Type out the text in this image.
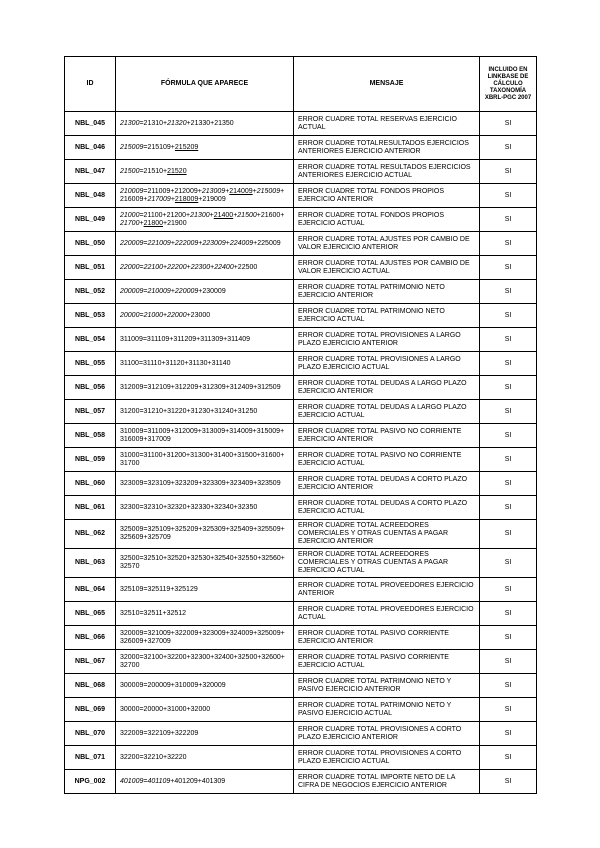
ID	FÓRMULA QUE APARECE	MENSAJE	INCLUIDO EN LINKBASE DE CÁLCULO TAXONOMÍA XBRL-PGC 2007
NBL_045	21300=21310+21320+21330+21350	ERROR CUADRE TOTAL RESERVAS EJERCICIO ACTUAL	SI
NBL_046	215009=215109+215209	ERROR CUADRE TOTALRESULTADOS EJERCICIOS ANTERIORES EJERCICIO ANTERIOR	SI
NBL_047	21500=21510+21520	ERROR CUADRE TOTAL RESULTADOS EJERCICIOS ANTERIORES EJERCICIO ACTUAL	SI
NBL_048	210009=211009+212009+213009+214009+215009+ 216009+217009+218009+219009	ERROR CUADRE TOTAL FONDOS PROPIOS EJERCICIO ANTERIOR	SI
NBL_049	21000=21100+21200+21300+21400+21500+21600+ 21700+21800+21900	ERROR CUADRE TOTAL FONDOS PROPIOS EJERCICIO ACTUAL	SI
NBL_050	220009=221009+222009+223009+224009+225009	ERROR CUADRE TOTAL AJUSTES POR CAMBIO DE VALOR EJERCICIO ANTERIOR	SI
NBL_051	22000=22100+22200+22300+22400+22500	ERROR CUADRE TOTAL AJUSTES POR CAMBIO DE VALOR EJERCICIO ACTUAL	SI
NBL_052	200009=210009+220009+230009	ERROR CUADRE TOTAL PATRIMONIO NETO EJERCICIO ANTERIOR	SI
NBL_053	20000=21000+22000+23000	ERROR CUADRE TOTAL PATRIMONIO NETO EJERCICIO ACTUAL	SI
NBL_054	311009=311109+311209+311309+311409	ERROR CUADRE TOTAL PROVISIONES A LARGO PLAZO EJERCICIO ANTERIOR	SI
NBL_055	31100=31110+31120+31130+31140	ERROR CUADRE TOTAL PROVISIONES A LARGO PLAZO EJERCICIO ACTUAL	SI
NBL_056	312009=312109+312209+312309+312409+312509	ERROR CUADRE TOTAL DEUDAS A LARGO PLAZO EJERCICIO ANTERIOR	SI
NBL_057	31200=31210+31220+31230+31240+31250	ERROR CUADRE TOTAL DEUDAS A LARGO PLAZO EJERCICIO ACTUAL	SI
NBL_058	310009=311009+312009+313009+314009+315009+ 316009+317009	ERROR CUADRE TOTAL PASIVO NO CORRIENTE EJERCICIO ANTERIOR	SI
NBL_059	31000=31100+31200+31300+31400+31500+31600+ 31700	ERROR CUADRE TOTAL PASIVO NO CORRIENTE EJERCICIO ACTUAL	SI
NBL_060	323009=323109+323209+323309+323409+323509	ERROR CUADRE TOTAL DEUDAS A CORTO PLAZO EJERCICIO ANTERIOR	SI
NBL_061	32300=32310+32320+32330+32340+32350	ERROR CUADRE TOTAL DEUDAS A CORTO PLAZO EJERCICIO ACTUAL	SI
NBL_062	325009=325109+325209+325309+325409+325509+ 325609+325709	ERROR CUADRE TOTAL ACREEDORES COMERCIALES Y OTRAS CUENTAS A PAGAR EJERCICIO ANTERIOR	SI
NBL_063	32500=32510+32520+32530+32540+32550+32560+ 32570	ERROR CUADRE TOTAL ACREEDORES COMERCIALES Y OTRAS CUENTAS A PAGAR EJERCICIO ACTUAL	SI
NBL_064	325109=325119+325129	ERROR CUADRE TOTAL PROVEEDORES EJERCICIO ANTERIOR	SI
NBL_065	32510=32511+32512	ERROR CUADRE TOTAL PROVEEDORES EJERCICIO ACTUAL	SI
NBL_066	320009=321009+322009+323009+324009+325009+ 326009+327009	ERROR CUADRE TOTAL PASIVO CORRIENTE EJERCICIO ANTERIOR	SI
NBL_067	32000=32100+32200+32300+32400+32500+32600+ 32700	ERROR CUADRE TOTAL PASIVO CORRIENTE EJERCICIO ACTUAL	SI
NBL_068	300009=200009+310009+320009	ERROR CUADRE TOTAL PATRIMONIO NETO Y PASIVO EJERCICIO ANTERIOR	SI
NBL_069	30000=20000+31000+32000	ERROR CUADRE TOTAL PATRIMONIO NETO Y PASIVO EJERCICIO ACTUAL	SI
NBL_070	322009=322109+322209	ERROR CUADRE TOTAL PROVISIONES A CORTO PLAZO EJERCICIO ANTERIOR	SI
NBL_071	32200=32210+32220	ERROR CUADRE TOTAL PROVISIONES A CORTO PLAZO EJERCICIO ACTUAL	SI
NPG_002	401009=401109+401209+401309	ERROR CUADRE TOTAL IMPORTE NETO DE LA CIFRA DE NEGOCIOS EJERCICIO ANTERIOR	SI
